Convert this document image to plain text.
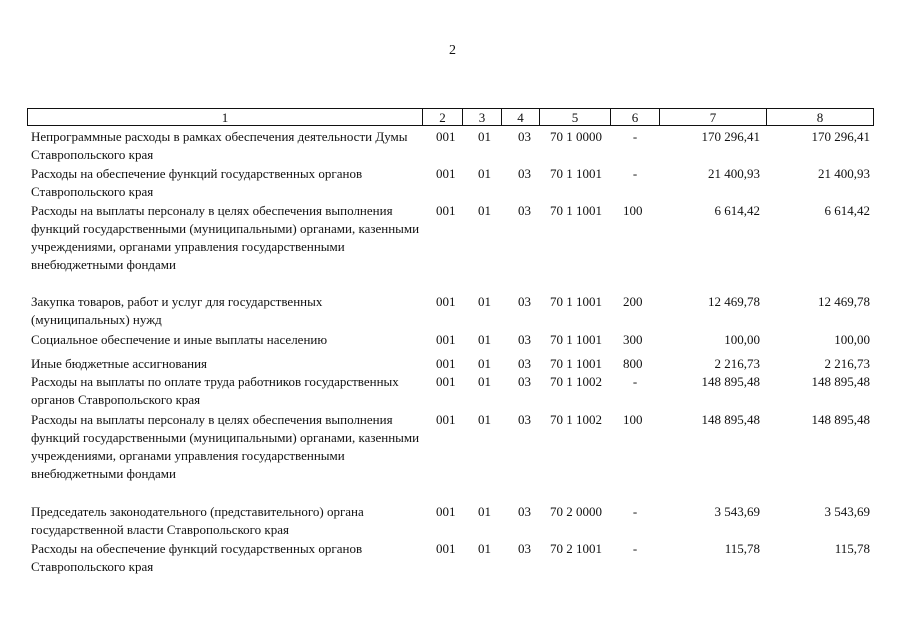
2
1	2	3	4	5	6	7	8
Непрограммные расходы в рамках обеспечения деятельности Думы Ставропольского края
001	01	03	70 1 0000	-	170 296,41	170 296,41
Расходы на обеспечение функций государственных органов Ставропольского края
001	01	03	70 1 1001	-	21 400,93	21 400,93
Расходы на выплаты персоналу в целях обеспечения выполнения функций государственными (муниципальными) органами, казенными учреждениями, органами управления государственными внебюджетными фондами
001	01	03	70 1 1001	100	6 614,42	6 614,42
Закупка товаров, работ и услуг для государственных (муниципальных) нужд
001	01	03	70 1 1001	200	12 469,78	12 469,78
Социальное обеспечение и иные выплаты населению	001	01	03	70 1 1001	300	100,00	100,00
Иные бюджетные ассигнования	001	01	03	70 1 1001	800	2 216,73	2 216,73
Расходы на выплаты по оплате труда работников государственных органов Ставропольского края
001	01	03	70 1 1002	-	148 895,48	148 895,48
Расходы на выплаты персоналу в целях обеспечения выполнения функций государственными (муниципальными) органами, казенными учреждениями, органами управления государственными внебюджетными фондами
001	01	03	70 1 1002	100	148 895,48	148 895,48
Председатель законодательного (представительного) органа государственной власти Ставропольского края
001	01	03	70 2 0000	-	3 543,69	3 543,69
Расходы на обеспечение функций государственных органов Ставропольского края
001	01	03	70 2 1001	-	115,78	115,78
